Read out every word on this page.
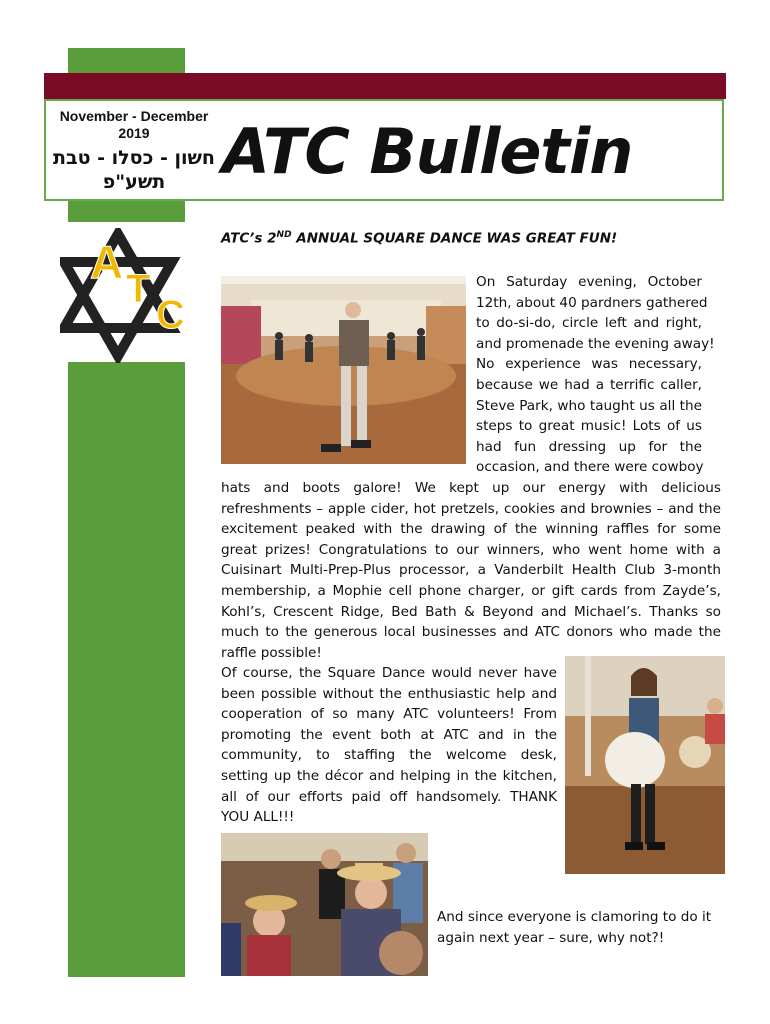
November - December
2019
חשון - כסלו - טבת
תשע"פ ATC Bulletin
A
T
C
ATC’s 2ND ANNUAL SQUARE DANCE WAS GREAT FUN!
On Saturday evening, October
12th, about 40 pardners gathered
to do-si-do, circle left and right,
and promenade the evening away!
No experience was necessary,
because we had a terrific caller,
Steve Park, who taught us all the
steps to great music! Lots of us
had fun dressing up for the
occasion, and there were cowboy
hats and boots galore! We kept up our energy with delicious
refreshments – apple cider, hot pretzels, cookies and brownies – and the
excitement peaked with the drawing of the winning raffles for some
great prizes! Congratulations to our winners, who went home with a
Cuisinart Multi-Prep-Plus processor, a Vanderbilt Health Club 3-month
membership, a Mophie cell phone charger, or gift cards from Zayde’s,
Kohl’s, Crescent Ridge, Bed Bath & Beyond and Michael’s. Thanks so
much to the generous local businesses and ATC donors who made the
raffle possible!
Of course, the Square Dance would never have
been possible without the enthusiastic help and
cooperation of so many ATC volunteers! From
promoting the event both at ATC and in the
community, to staffing the welcome desk,
setting up the décor and helping in the kitchen,
all of our efforts paid off handsomely. THANK
YOU ALL!!!
And since everyone is clamoring to do it
again next year – sure, why not?!
